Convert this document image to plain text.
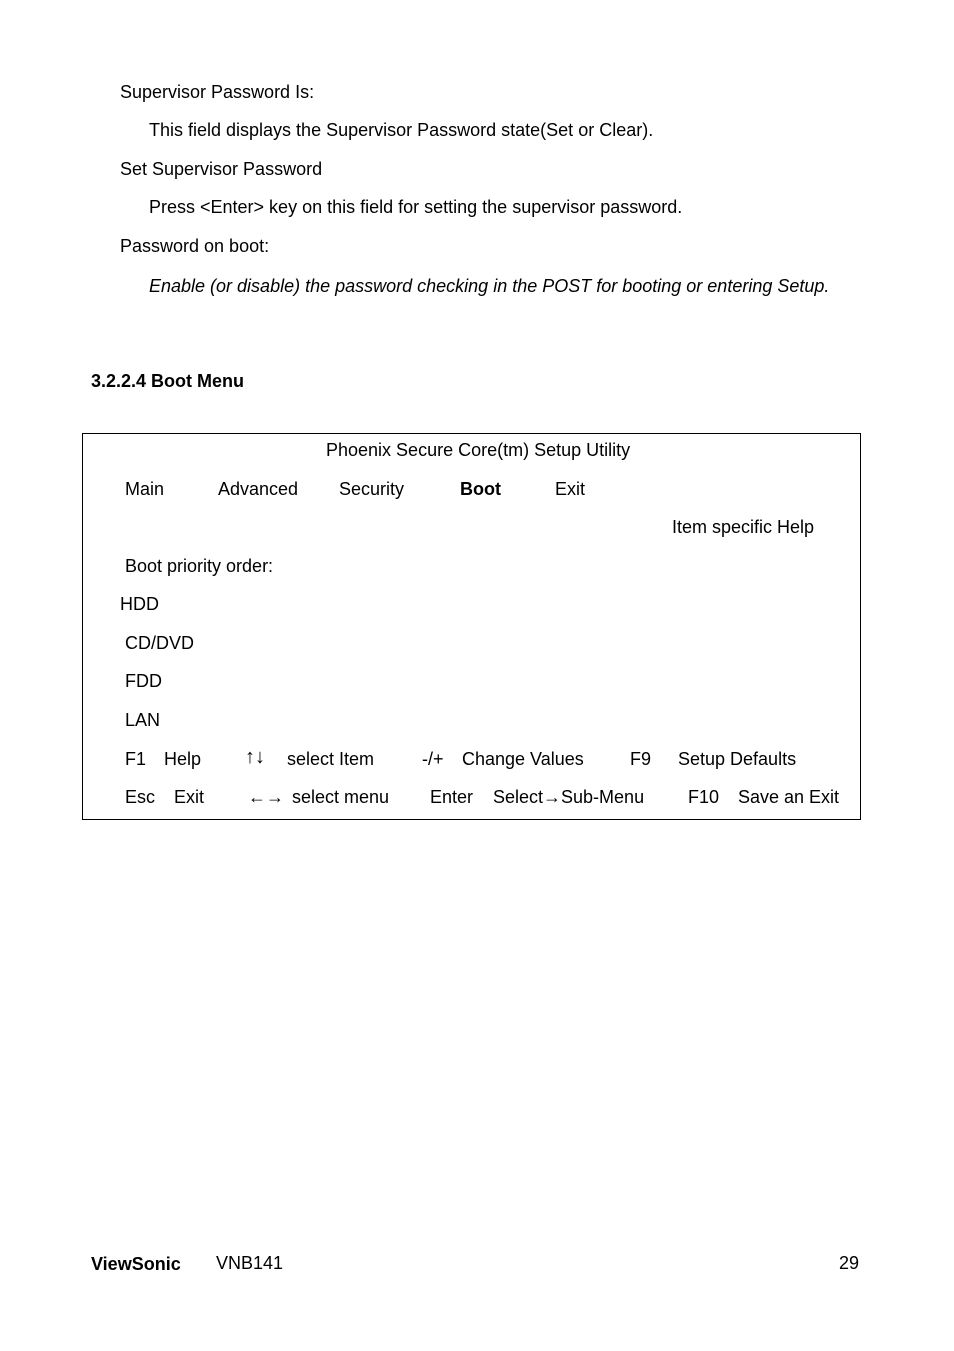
Supervisor Password Is:
This field displays the Supervisor Password state(Set or Clear).
Set Supervisor Password
Press <Enter> key on this field for setting the supervisor password.
Password on boot:
Enable (or disable) the password checking in the POST for booting or entering Setup.
3.2.2.4 Boot Menu
Phoenix Secure Core(tm) Setup Utility
Main	Advanced Security	Boot	Exit
Item specific Help
Boot priority order:
HDD
CD/DVD
FDD
LAN
F1 Help ↑↓ select Item	-/+ Change Values	F9 Setup Defaults
Esc Exit ←→ select menu Enter Select→Sub-Menu F10 Save an Exit
ViewSonic VNB141	29
